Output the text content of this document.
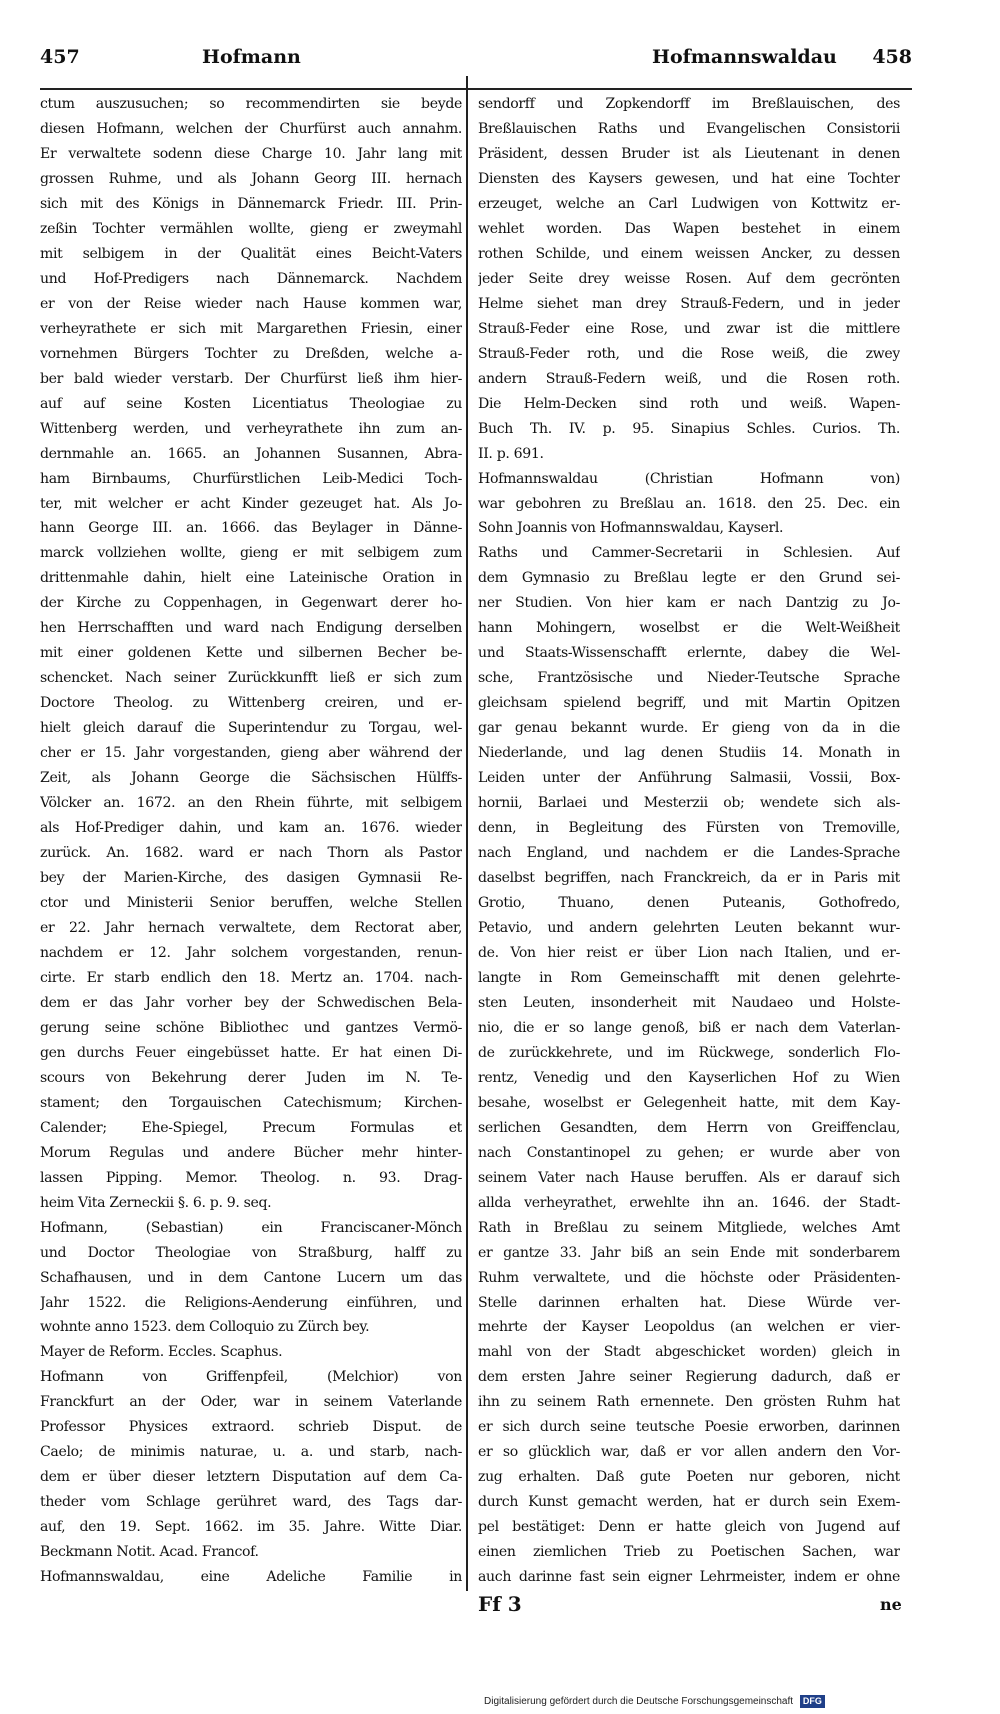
457	Hofmann	Hofmannswaldau 458
ctum auszusuchen; so recommendirten sie beyde
diesen Hofmann, welchen der Churfürst auch annahm.
Er verwaltete sodenn diese Charge 10. Jahr lang mit
grossen Ruhme, und als Johann Georg III. hernach
sich mit des Königs in Dännemarck Friedr. III. Prin-
zeßin Tochter vermählen wollte, gieng er zweymahl
mit selbigem in der Qualität eines Beicht-Vaters
und Hof-Predigers nach Dännemarck. Nachdem
er von der Reise wieder nach Hause kommen war,
verheyrathete er sich mit Margarethen Friesin, einer
vornehmen Bürgers Tochter zu Dreßden, welche a-
ber bald wieder verstarb. Der Churfürst ließ ihm hier-
auf auf seine Kosten Licentiatus Theologiae zu
Wittenberg werden, und verheyrathete ihn zum an-
dernmahle an. 1665. an Johannen Susannen, Abra-
ham Birnbaums, Churfürstlichen Leib-Medici Toch-
ter, mit welcher er acht Kinder gezeuget hat. Als Jo-
hann George III. an. 1666. das Beylager in Dänne-
marck vollziehen wollte, gieng er mit selbigem zum
drittenmahle dahin, hielt eine Lateinische Oration in
der Kirche zu Coppenhagen, in Gegenwart derer ho-
hen Herrschafften und ward nach Endigung derselben
mit einer goldenen Kette und silbernen Becher be-
schencket. Nach seiner Zurückkunfft ließ er sich zum
Doctore Theolog. zu Wittenberg creiren, und er-
hielt gleich darauf die Superintendur zu Torgau, wel-
cher er 15. Jahr vorgestanden, gieng aber während der
Zeit, als Johann George die Sächsischen Hülffs-
Völcker an. 1672. an den Rhein führte, mit selbigem
als Hof-Prediger dahin, und kam an. 1676. wieder
zurück. An. 1682. ward er nach Thorn als Pastor
bey der Marien-Kirche, des dasigen Gymnasii Re-
ctor und Ministerii Senior beruffen, welche Stellen
er 22. Jahr hernach verwaltete, dem Rectorat aber,
nachdem er 12. Jahr solchem vorgestanden, renun-
cirte. Er starb endlich den 18. Mertz an. 1704. nach-
dem er das Jahr vorher bey der Schwedischen Bela-
gerung seine schöne Bibliothec und gantzes Vermö-
gen durchs Feuer eingebüsset hatte. Er hat einen Di-
scours von Bekehrung derer Juden im N. Te-
stament; den Torgauischen Catechismum; Kirchen-
Calender; Ehe-Spiegel, Precum Formulas et
Morum Regulas und andere Bücher mehr hinter-
lassen Pipping. Memor. Theolog. n. 93. Drag-
heim Vita Zerneckii §. 6. p. 9. seq.
Hofmann, (Sebastian) ein Franciscaner-Mönch
und Doctor Theologiae von Straßburg, halff zu
Schafhausen, und in dem Cantone Lucern um das
Jahr 1522. die Religions-Aenderung einführen, und
wohnte anno 1523. dem Colloquio zu Zürch bey.
Mayer de Reform. Eccles. Scaphus.
Hofmann von Griffenpfeil, (Melchior) von
Franckfurt an der Oder, war in seinem Vaterlande
Professor Physices extraord. schrieb Disput. de
Caelo; de minimis naturae, u. a. und starb, nach-
dem er über dieser letztern Disputation auf dem Ca-
theder vom Schlage gerühret ward, des Tags dar-
auf, den 19. Sept. 1662. im 35. Jahre. Witte Diar.
Beckmann Notit. Acad. Francof.
Hofmannswaldau, eine Adeliche Familie in
sendorff und Zopkendorff im Breßlauischen, des
Breßlauischen Raths und Evangelischen Consistorii
Präsident, dessen Bruder ist als Lieutenant in denen
Diensten des Kaysers gewesen, und hat eine Tochter
erzeuget, welche an Carl Ludwigen von Kottwitz er-
wehlet worden. Das Wapen bestehet in einem
rothen Schilde, und einem weissen Ancker, zu dessen
jeder Seite drey weisse Rosen. Auf dem gecrönten
Helme siehet man drey Strauß-Federn, und in jeder
Strauß-Feder eine Rose, und zwar ist die mittlere
Strauß-Feder roth, und die Rose weiß, die zwey
andern Strauß-Federn weiß, und die Rosen roth.
Die Helm-Decken sind roth und weiß. Wapen-
Buch Th. IV. p. 95. Sinapius Schles. Curios. Th.
II. p. 691.
Hofmannswaldau (Christian Hofmann von)
war gebohren zu Breßlau an. 1618. den 25. Dec. ein
Sohn Joannis von Hofmannswaldau, Kayserl.
Raths und Cammer-Secretarii in Schlesien. Auf
dem Gymnasio zu Breßlau legte er den Grund sei-
ner Studien. Von hier kam er nach Dantzig zu Jo-
hann Mohingern, woselbst er die Welt-Weißheit
und Staats-Wissenschafft erlernte, dabey die Wel-
sche, Frantzösische und Nieder-Teutsche Sprache
gleichsam spielend begriff, und mit Martin Opitzen
gar genau bekannt wurde. Er gieng von da in die
Niederlande, und lag denen Studiis 14. Monath in
Leiden unter der Anführung Salmasii, Vossii, Box-
hornii, Barlaei und Mesterzii ob; wendete sich als-
denn, in Begleitung des Fürsten von Tremoville,
nach England, und nachdem er die Landes-Sprache
daselbst begriffen, nach Franckreich, da er in Paris mit
Grotio, Thuano, denen Puteanis, Gothofredo,
Petavio, und andern gelehrten Leuten bekannt wur-
de. Von hier reist er über Lion nach Italien, und er-
langte in Rom Gemeinschafft mit denen gelehrte-
sten Leuten, insonderheit mit Naudaeo und Holste-
nio, die er so lange genoß, biß er nach dem Vaterlan-
de zurückkehrete, und im Rückwege, sonderlich Flo-
rentz, Venedig und den Kayserlichen Hof zu Wien
besahe, woselbst er Gelegenheit hatte, mit dem Kay-
serlichen Gesandten, dem Herrn von Greiffenclau,
nach Constantinopel zu gehen; er wurde aber von
seinem Vater nach Hause beruffen. Als er darauf sich
allda verheyrathet, erwehlte ihn an. 1646. der Stadt-
Rath in Breßlau zu seinem Mitgliede, welches Amt
er gantze 33. Jahr biß an sein Ende mit sonderbarem
Ruhm verwaltete, und die höchste oder Präsidenten-
Stelle darinnen erhalten hat. Diese Würde ver-
mehrte der Kayser Leopoldus (an welchen er vier-
mahl von der Stadt abgeschicket worden) gleich in
dem ersten Jahre seiner Regierung dadurch, daß er
ihn zu seinem Rath ernennete. Den grösten Ruhm hat
er sich durch seine teutsche Poesie erworben, darinnen
er so glücklich war, daß er vor allen andern den Vor-
zug erhalten. Daß gute Poeten nur geboren, nicht
durch Kunst gemacht werden, hat er durch sein Exem-
pel bestätiget: Denn er hatte gleich von Jugend auf
einen ziemlichen Trieb zu Poetischen Sachen, war
auch darinne fast sein eigner Lehrmeister, indem er ohne
Ff 3	ne
Digitalisierung gefördert durch die Deutsche Forschungsgemeinschaft DFG
